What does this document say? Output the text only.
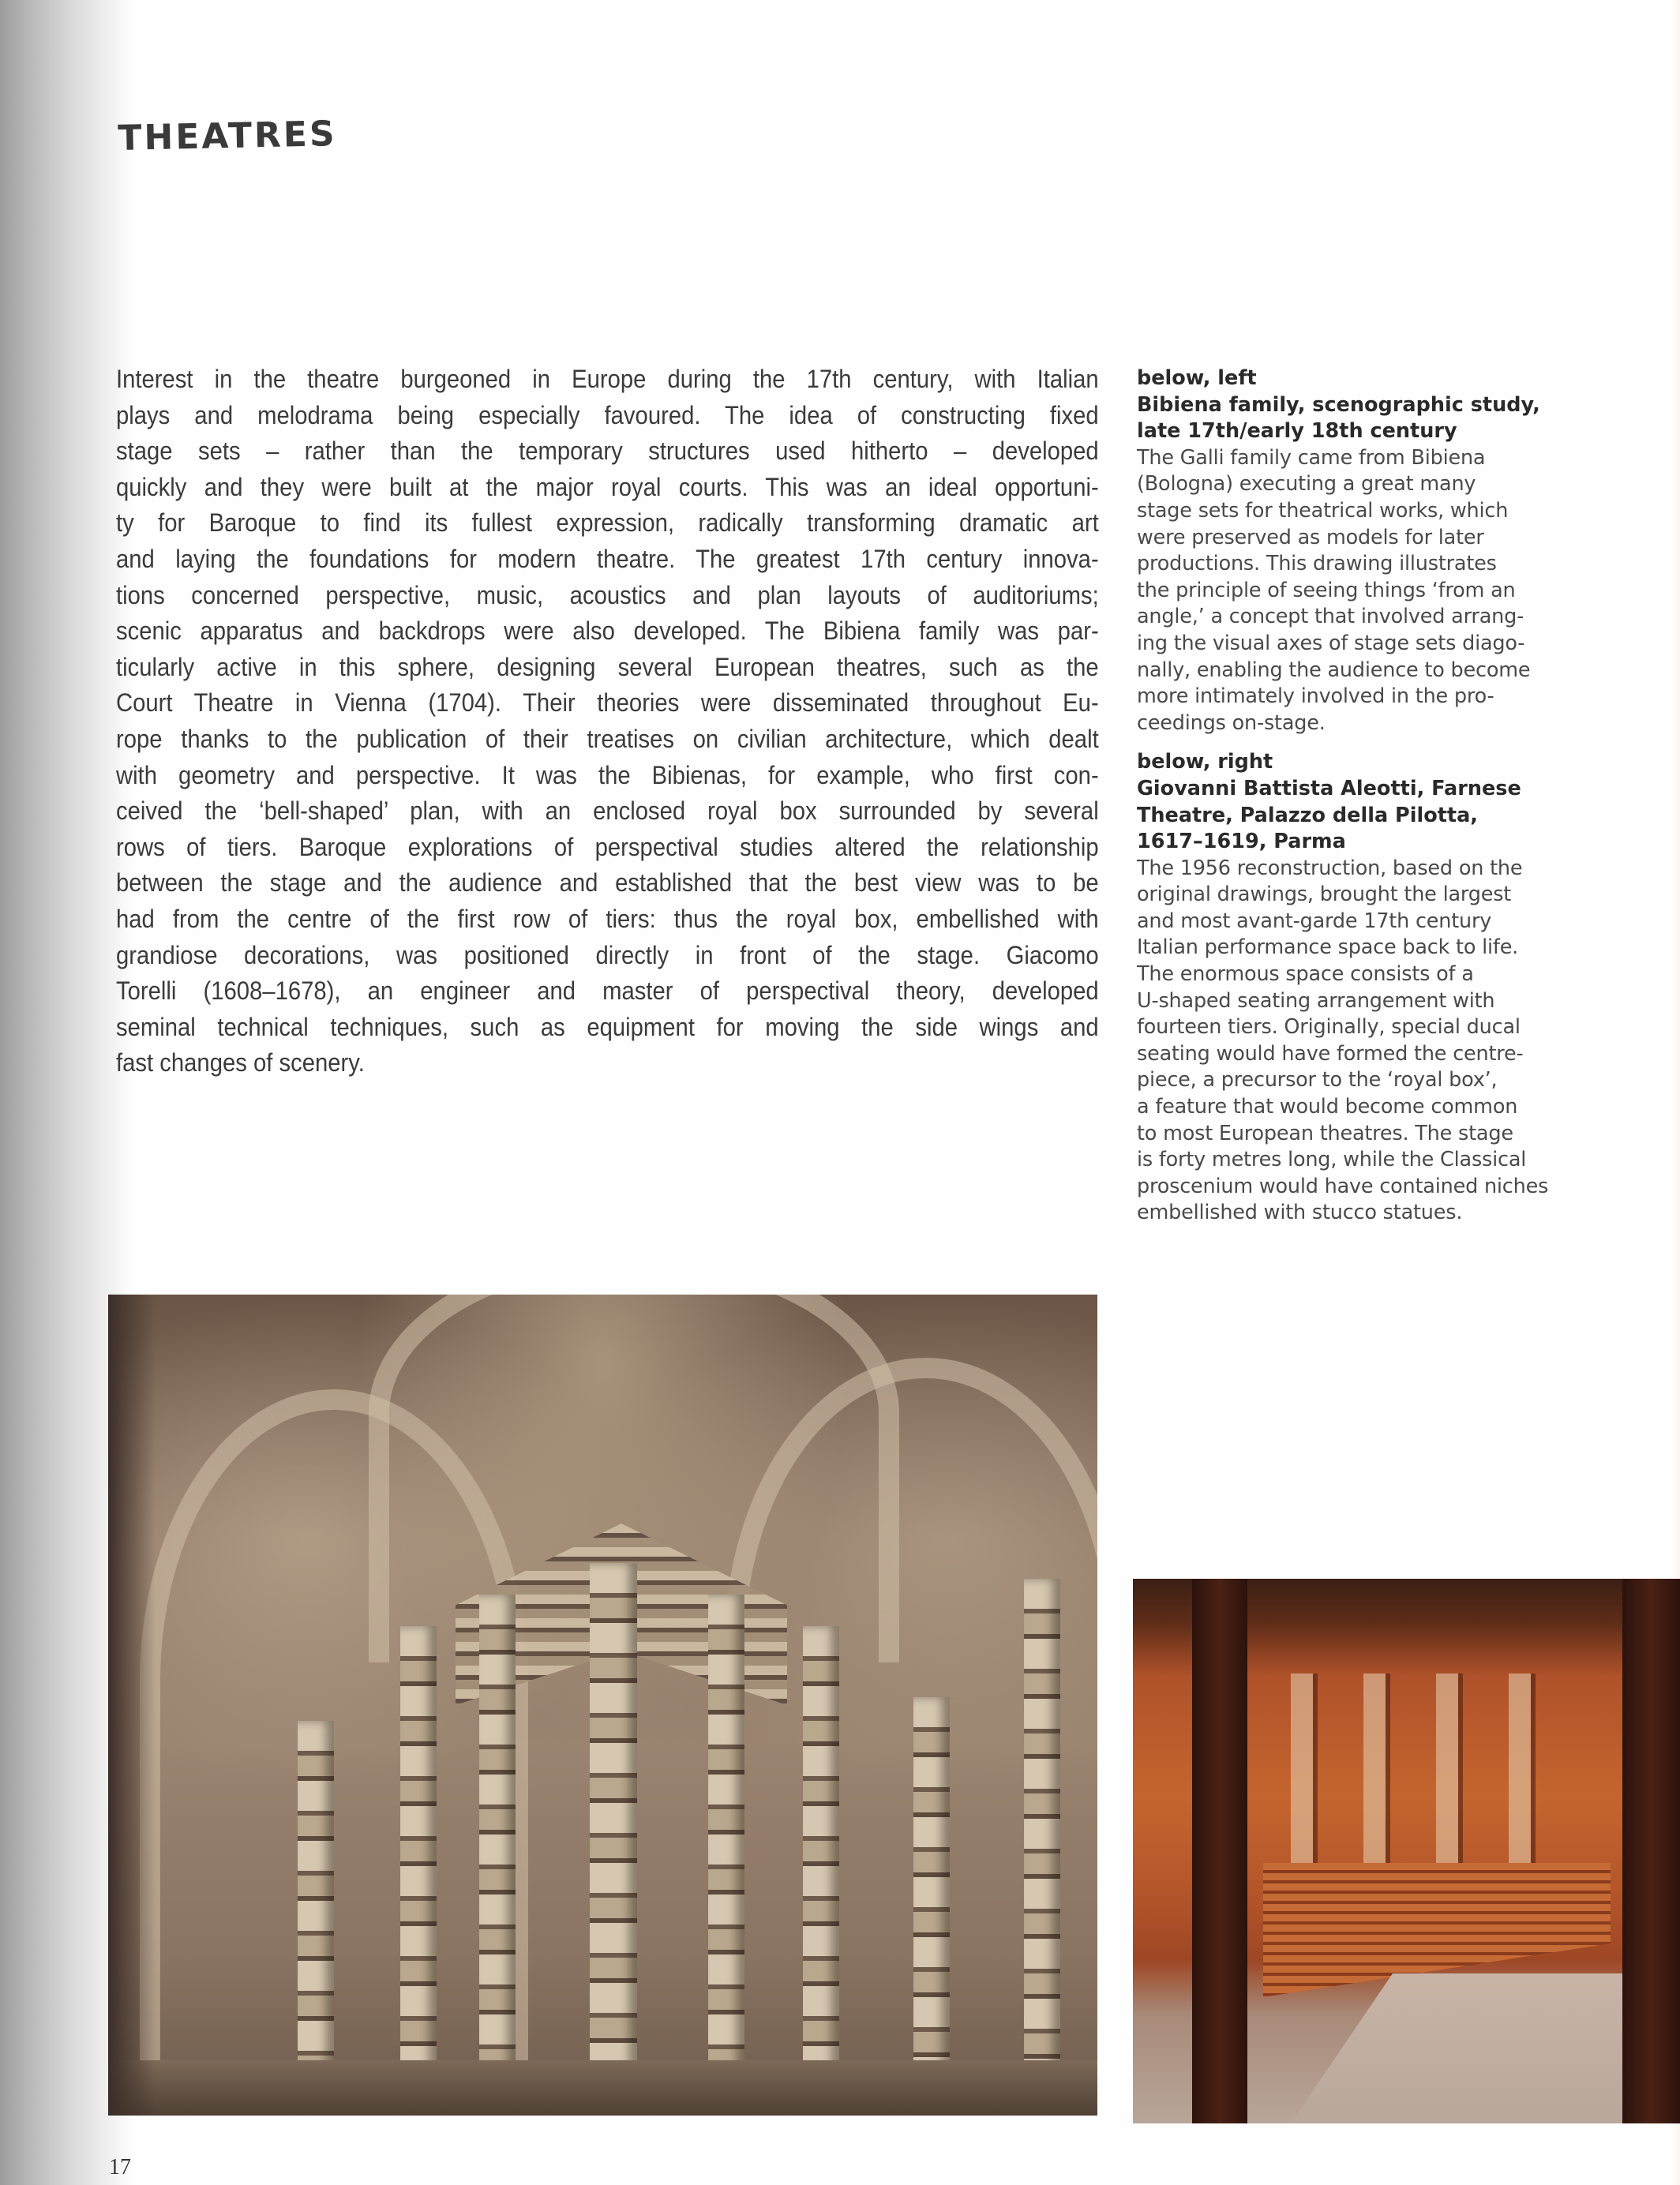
THEATRES
Interest in the theatre burgeoned in Europe during the 17th century, with Italian
plays and melodrama being especially favoured. The idea of constructing fixed
stage sets – rather than the temporary structures used hitherto – developed
quickly and they were built at the major royal courts. This was an ideal opportuni-
ty for Baroque to find its fullest expression, radically transforming dramatic art
and laying the foundations for modern theatre. The greatest 17th century innova-
tions concerned perspective, music, acoustics and plan layouts of auditoriums;
scenic apparatus and backdrops were also developed. The Bibiena family was par-
ticularly active in this sphere, designing several European theatres, such as the
Court Theatre in Vienna (1704). Their theories were disseminated throughout Eu-
rope thanks to the publication of their treatises on civilian architecture, which dealt
with geometry and perspective. It was the Bibienas, for example, who first con-
ceived the ‘bell-shaped’ plan, with an enclosed royal box surrounded by several
rows of tiers. Baroque explorations of perspectival studies altered the relationship
between the stage and the audience and established that the best view was to be
had from the centre of the first row of tiers: thus the royal box, embellished with
grandiose decorations, was positioned directly in front of the stage. Giacomo
Torelli (1608–1678), an engineer and master of perspectival theory, developed
seminal technical techniques, such as equipment for moving the side wings and
fast changes of scenery.
below, left
Bibiena family, scenographic study,
late 17th/early 18th century
The Galli family came from Bibiena
(Bologna) executing a great many
stage sets for theatrical works, which
were preserved as models for later
productions. This drawing illustrates
the principle of seeing things ‘from an
angle,’ a concept that involved arrang-
ing the visual axes of stage sets diago-
nally, enabling the audience to become
more intimately involved in the pro-
ceedings on-stage.
below, right
Giovanni Battista Aleotti, Farnese
Theatre, Palazzo della Pilotta,
1617–1619, Parma
The 1956 reconstruction, based on the
original drawings, brought the largest
and most avant-garde 17th century
Italian performance space back to life.
The enormous space consists of a
U-shaped seating arrangement with
fourteen tiers. Originally, special ducal
seating would have formed the centre-
piece, a precursor to the ‘royal box’,
a feature that would become common
to most European theatres. The stage
is forty metres long, while the Classical
proscenium would have contained niches
embellished with stucco statues.
17
